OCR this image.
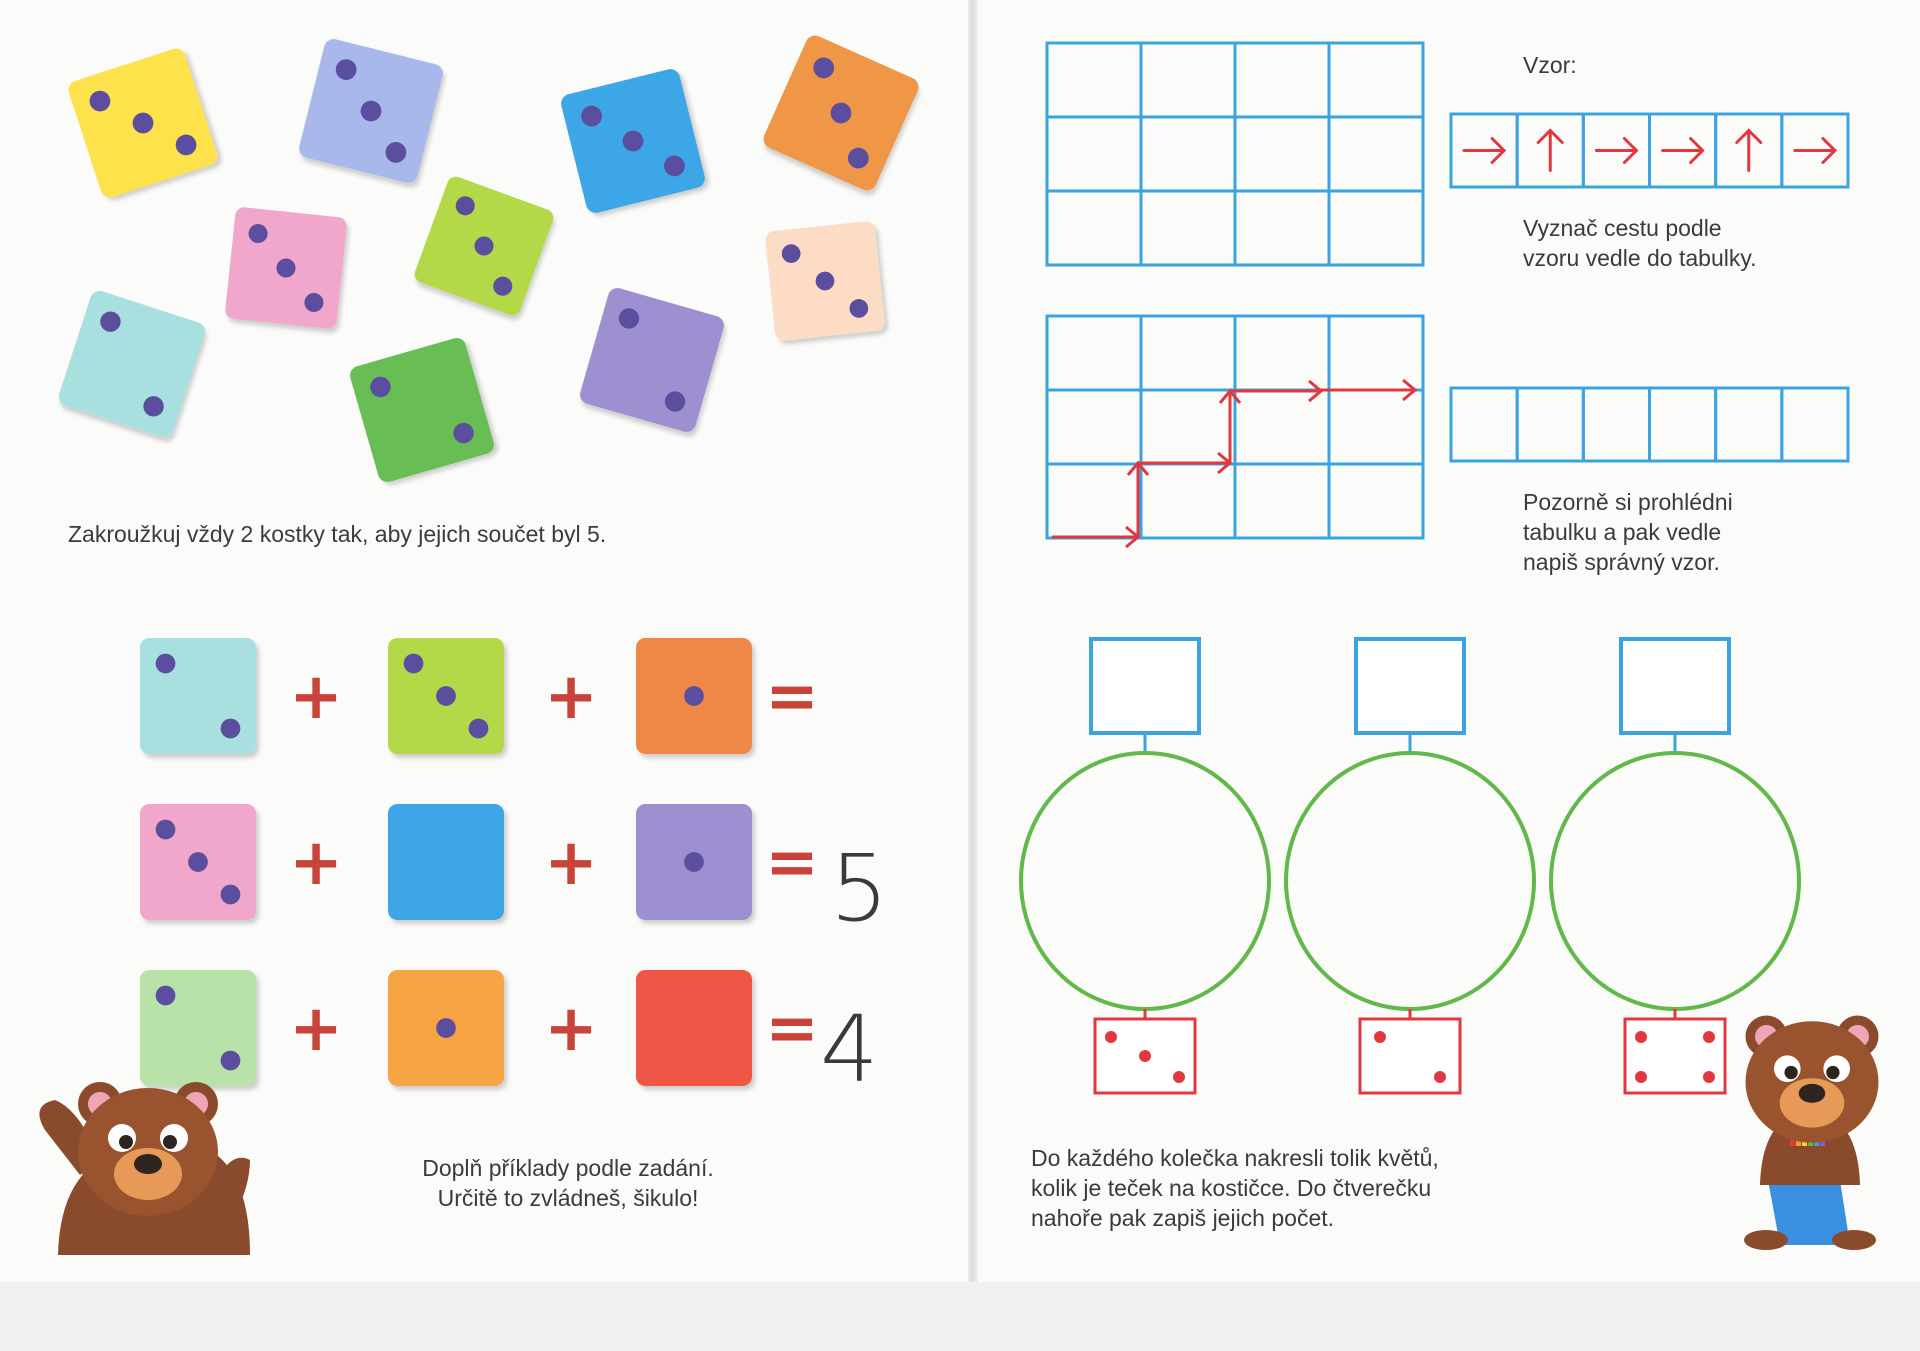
+	+	=
+	+	=
+	+	=
Zakroužkuj vždy 2 kostky tak, aby jejich součet byl 5.
Doplň příklady podle zadání.
Určitě to zvládneš, šikulo!
5
4
Vzor:
Vyznač cestu podle
vzoru vedle do tabulky.
Pozorně si prohlédni
tabulku a pak vedle
napiš správný vzor.
Do každého kolečka nakresli tolik květů,
kolik je teček na kostičce. Do čtverečku
nahoře pak zapiš jejich počet.
